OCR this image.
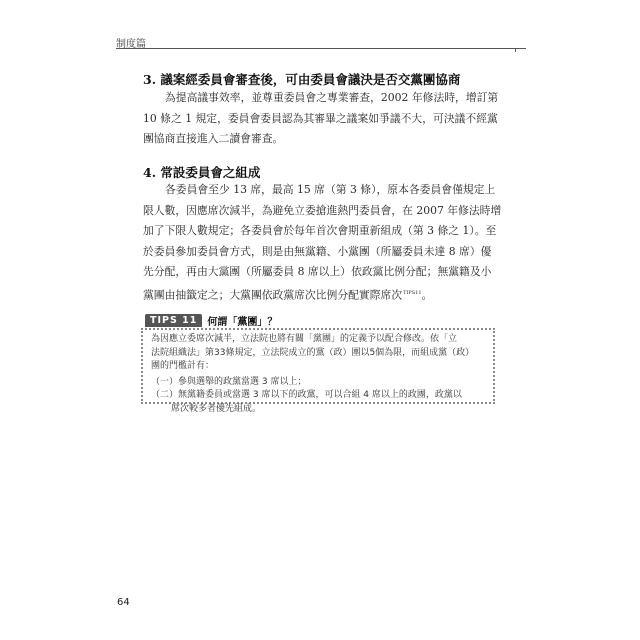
制度篇
3. 議案經委員會審查後，可由委員會議決是否交黨團協商
為提高議事效率，並尊重委員會之專業審查，2002 年修法時，增訂第
10 條之 1 規定，委員會委員認為其審畢之議案如爭議不大，可決議不經黨
團協商直接進入二讀會審查。
4. 常設委員會之組成
各委員會至少 13 席，最高 15 席（第 3 條），原本各委員會僅規定上
限人數，因應席次減半，為避免立委搶進熱門委員會，在 2007 年修法時增
加了下限人數規定；各委員會於每年首次會期重新組成（第 3 條之 1）。至
於委員參加委員會方式，則是由無黨籍、小黨團（所屬委員未達 8 席）優
先分配，再由大黨團（所屬委員 8 席以上）依政黨比例分配；無黨籍及小
黨團由抽籤定之；大黨團依政黨席次比例分配實際席次$^{TIPS11}$。
TIPS 11	何謂「黨團」？
為因應立委席次減半，立法院也將有關「黨團」的定義予以配合修改。依「立
法院組織法」第33條規定，立法院成立的黨（政）團以5個為限，而組成黨（政）
團的門檻計有：
（一）參與選舉的政黨當選 3 席以上；
（二）無黨籍委員或當選 3 席以下的政黨，可以合組 4 席以上的政團，政黨以
席次較多者優先組成。
64
